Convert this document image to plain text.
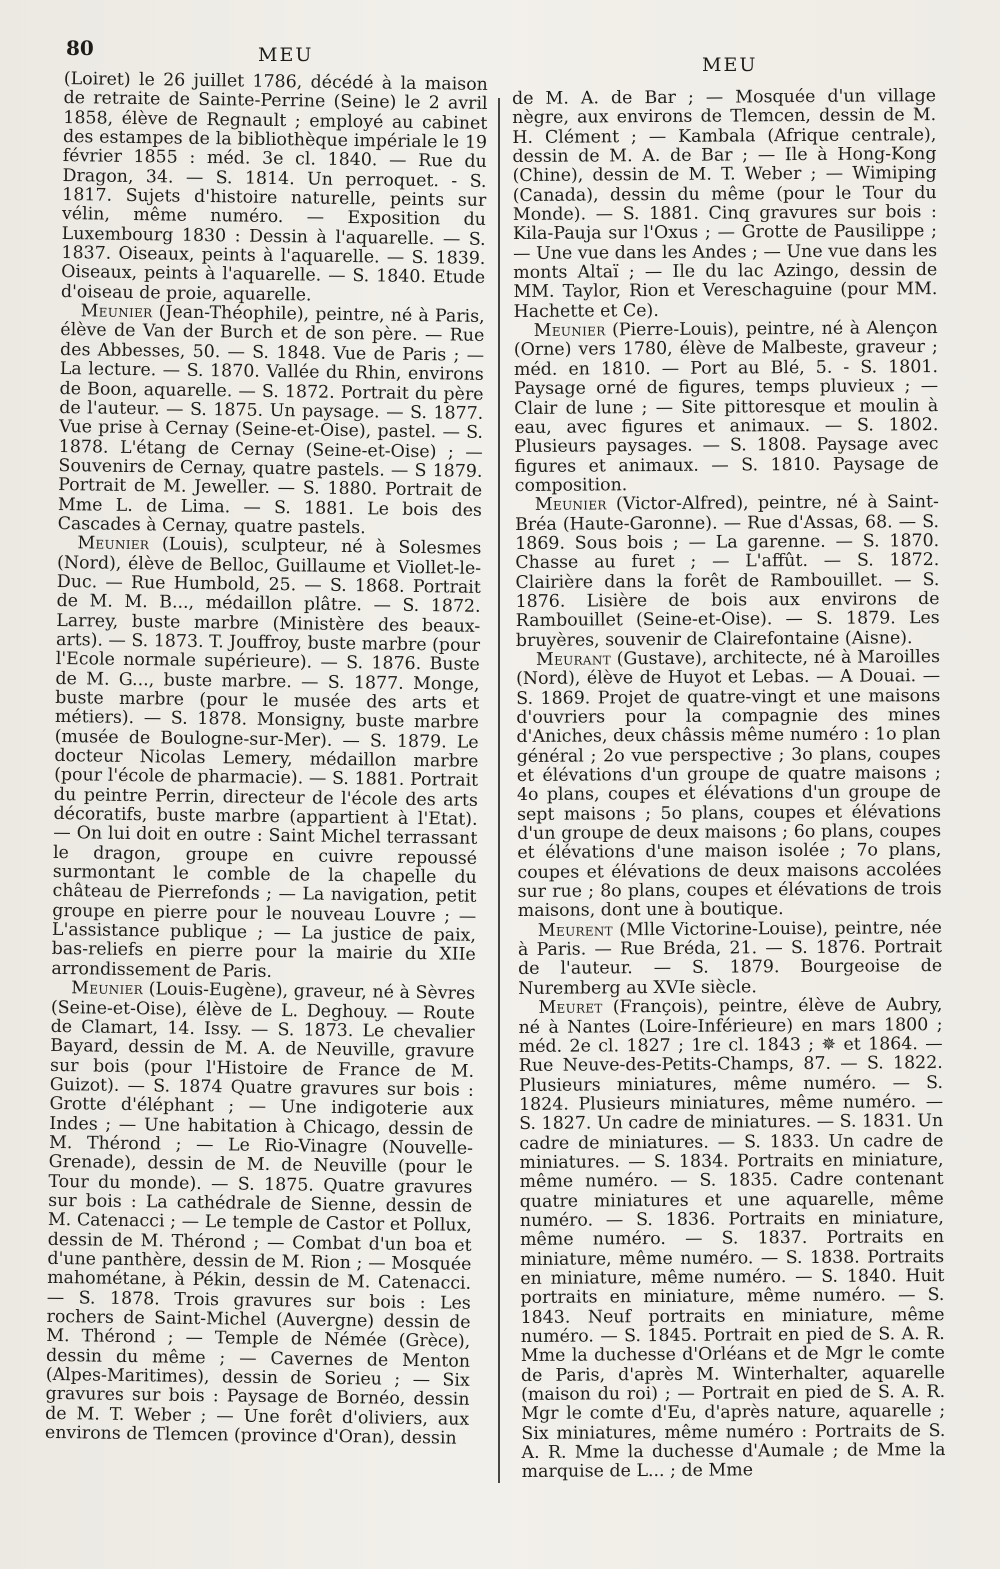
80	MEU	MEU

(Loiret) le 26 juillet 1786, décédé à la maison de retraite de Sainte-Perrine (Seine) le 2 avril 1858, élève de Regnault ; employé au cabinet des estampes de la bibliothèque impériale le 19 février 1855 : méd. 3e cl. 1840. — Rue du Dragon, 34. — S. 1814. Un perroquet. - S. 1817. Sujets d'histoire naturelle, peints sur vélin, même numéro. — Exposition du Luxembourg 1830 : Dessin à l'aquarelle. — S. 1837. Oiseaux, peints à l'aquarelle. — S. 1839. Oiseaux, peints à l'aquarelle. — S. 1840. Etude d'oiseau de proie, aquarelle.

Meunier (Jean-Théophile), peintre, né à Paris, élève de Van der Burch et de son père. — Rue des Abbesses, 50. — S. 1848. Vue de Paris ; — La lecture. — S. 1870. Vallée du Rhin, environs de Boon, aquarelle. — S. 1872. Portrait du père de l'auteur. — S. 1875. Un paysage. — S. 1877. Vue prise à Cernay (Seine-et-Oise), pastel. — S. 1878. L'étang de Cernay (Seine-et-Oise) ; — Souvenirs de Cernay, quatre pastels. — S 1879. Portrait de M. Jeweller. — S. 1880. Portrait de Mme L. de Lima. — S. 1881. Le bois des Cascades à Cernay, quatre pastels.

Meunier (Louis), sculpteur, né à Solesmes (Nord), élève de Belloc, Guillaume et Viollet-le-Duc. — Rue Humbold, 25. — S. 1868. Portrait de M. M. B..., médaillon plâtre. — S. 1872. Larrey, buste marbre (Ministère des beaux-arts). — S. 1873. T. Jouffroy, buste marbre (pour l'Ecole normale supérieure). — S. 1876. Buste de M. G..., buste marbre. — S. 1877. Monge, buste marbre (pour le musée des arts et métiers). — S. 1878. Monsigny, buste marbre (musée de Boulogne-sur-Mer). — S. 1879. Le docteur Nicolas Lemery, médaillon marbre (pour l'école de pharmacie). — S. 1881. Portrait du peintre Perrin, directeur de l'école des arts décoratifs, buste marbre (appartient à l'Etat). — On lui doit en outre : Saint Michel terrassant le dragon, groupe en cuivre repoussé surmontant le comble de la chapelle du château de Pierrefonds ; — La navigation, petit groupe en pierre pour le nouveau Louvre ; — L'assistance publique ; — La justice de paix, bas-reliefs en pierre pour la mairie du XIIe arrondissement de Paris.

Meunier (Louis-Eugène), graveur, né à Sèvres (Seine-et-Oise), élève de L. Deghouy. — Route de Clamart, 14. Issy. — S. 1873. Le chevalier Bayard, dessin de M. A. de Neuville, gravure sur bois (pour l'Histoire de France de M. Guizot). — S. 1874 Quatre gravures sur bois : Grotte d'éléphant ; — Une indigoterie aux Indes ; — Une habitation à Chicago, dessin de M. Thérond ; — Le Rio-Vinagre (Nouvelle-Grenade), dessin de M. de Neuville (pour le Tour du monde). — S. 1875. Quatre gravures sur bois : La cathédrale de Sienne, dessin de M. Catenacci ; — Le temple de Castor et Pollux, dessin de M. Thérond ; — Combat d'un boa et d'une panthère, dessin de M. Rion ; — Mosquée mahométane, à Pékin, dessin de M. Catenacci. — S. 1878. Trois gravures sur bois : Les rochers de Saint-Michel (Auvergne) dessin de M. Thérond ; — Temple de Némée (Grèce), dessin du même ; — Cavernes de Menton (Alpes-Maritimes), dessin de Sorieu ; — Six gravures sur bois : Paysage de Bornéo, dessin de M. T. Weber ; — Une forêt d'oliviers, aux environs de Tlemcen (province d'Oran), dessin

de M. A. de Bar ; — Mosquée d'un village nègre, aux environs de Tlemcen, dessin de M. H. Clément ; — Kambala (Afrique centrale), dessin de M. A. de Bar ; — Ile à Hong-Kong (Chine), dessin de M. T. Weber ; — Wimiping (Canada), dessin du même (pour le Tour du Monde). — S. 1881. Cinq gravures sur bois : Kila-Pauja sur l'Oxus ; — Grotte de Pausilippe ; — Une vue dans les Andes ; — Une vue dans les monts Altaï ; — Ile du lac Azingo, dessin de MM. Taylor, Rion et Vereschaguine (pour MM. Hachette et Ce).

Meunier (Pierre-Louis), peintre, né à Alençon (Orne) vers 1780, élève de Malbeste, graveur ; méd. en 1810. — Port au Blé, 5. - S. 1801. Paysage orné de figures, temps pluvieux ; — Clair de lune ; — Site pittoresque et moulin à eau, avec figures et animaux. — S. 1802. Plusieurs paysages. — S. 1808. Paysage avec figures et animaux. — S. 1810. Paysage de composition.

Meunier (Victor-Alfred), peintre, né à Saint-Bréa (Haute-Garonne). — Rue d'Assas, 68. — S. 1869. Sous bois ; — La garenne. — S. 1870. Chasse au furet ; — L'affût. — S. 1872. Clairière dans la forêt de Rambouillet. — S. 1876. Lisière de bois aux environs de Rambouillet (Seine-et-Oise). — S. 1879. Les bruyères, souvenir de Clairefontaine (Aisne).

Meurant (Gustave), architecte, né à Maroilles (Nord), élève de Huyot et Lebas. — A Douai. — S. 1869. Projet de quatre-vingt et une maisons d'ouvriers pour la compagnie des mines d'Aniches, deux châssis même numéro : 1o plan général ; 2o vue perspective ; 3o plans, coupes et élévations d'un groupe de quatre maisons ; 4o plans, coupes et élévations d'un groupe de sept maisons ; 5o plans, coupes et élévations d'un groupe de deux maisons ; 6o plans, coupes et élévations d'une maison isolée ; 7o plans, coupes et élévations de deux maisons accolées sur rue ; 8o plans, coupes et élévations de trois maisons, dont une à boutique.

Meurent (Mlle Victorine-Louise), peintre, née à Paris. — Rue Bréda, 21. — S. 1876. Portrait de l'auteur. — S. 1879. Bourgeoise de Nuremberg au XVIe siècle.

Meuret (François), peintre, élève de Aubry, né à Nantes (Loire-Inférieure) en mars 1800 ; méd. 2e cl. 1827 ; 1re cl. 1843 ; ✵ et 1864. — Rue Neuve-des-Petits-Champs, 87. — S. 1822. Plusieurs miniatures, même numéro. — S. 1824. Plusieurs miniatures, même numéro. — S. 1827. Un cadre de miniatures. — S. 1831. Un cadre de miniatures. — S. 1833. Un cadre de miniatures. — S. 1834. Portraits en miniature, même numéro. — S. 1835. Cadre contenant quatre miniatures et une aquarelle, même numéro. — S. 1836. Portraits en miniature, même numéro. — S. 1837. Portraits en miniature, même numéro. — S. 1838. Portraits en miniature, même numéro. — S. 1840. Huit portraits en miniature, même numéro. — S. 1843. Neuf portraits en miniature, même numéro. — S. 1845. Portrait en pied de S. A. R. Mme la duchesse d'Orléans et de Mgr le comte de Paris, d'après M. Winterhalter, aquarelle (maison du roi) ; — Portrait en pied de S. A. R. Mgr le comte d'Eu, d'après nature, aquarelle ; Six miniatures, même numéro : Portraits de S. A. R. Mme la duchesse d'Aumale ; de Mme la marquise de L... ; de Mme
